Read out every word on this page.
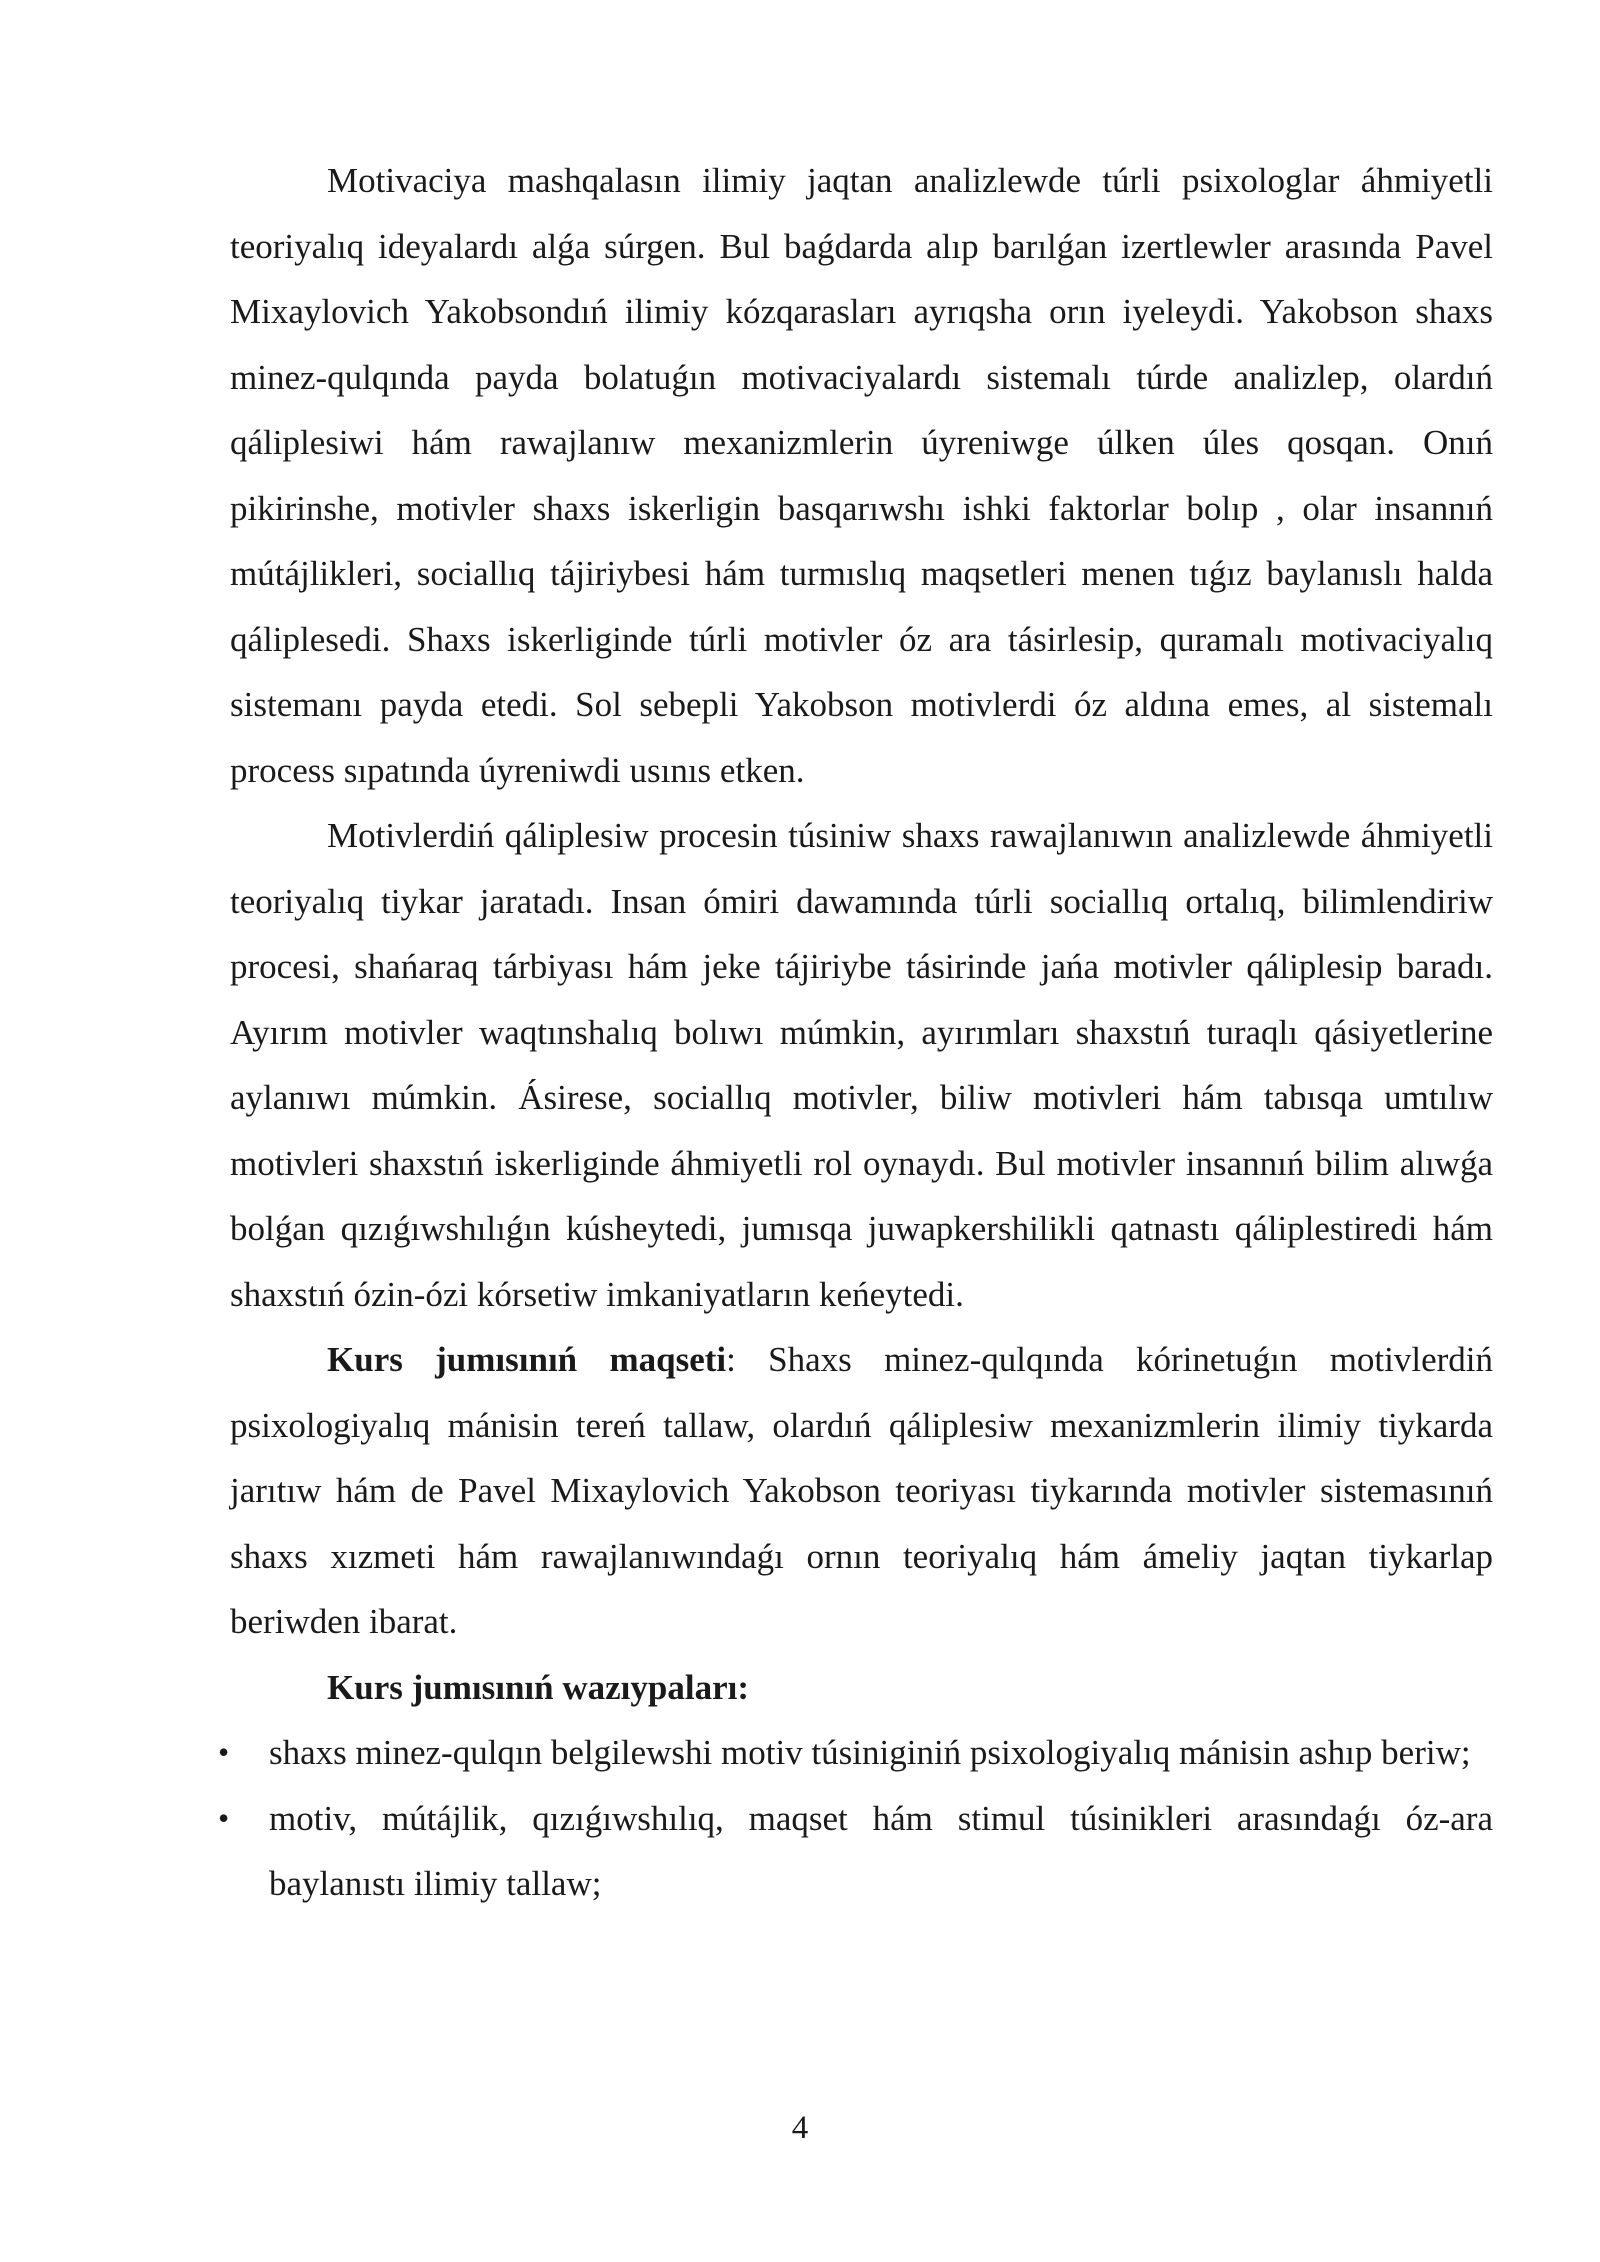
Motivaciya mashqalasın ilimiy jaqtan analizlewde túrli psixologlar áhmiyetli teoriyalıq ideyalardı alǵa súrgen. Bul baǵdarda alıp barılǵan izertlewler arasında Pavel Mixaylovich Yakobsondıń ilimiy kózqarasları ayrıqsha orın iyeleydi. Yakobson shaxs minez-qulqında payda bolatuǵın motivaciyalardı sistemalı túrde analizlep, olardıń qáliplesiwi hám rawajlanıw mexanizmlerin úyreniwge úlken úles qosqan. Onıń pikirinshe, motivler shaxs iskerligin basqarıwshı ishki faktorlar bolıp , olar insannıń mútájlikleri, sociallıq tájiriybesi hám turmıslıq maqsetleri menen tıǵız baylanıslı halda qáliplesedi. Shaxs iskerliginde túrli motivler óz ara tásirlesip, quramalı motivaciyalıq sistemanı payda etedi. Sol sebepli Yakobson motivlerdi óz aldına emes, al sistemalı process sıpatında úyreniwdi usınıs etken.

Motivlerdiń qáliplesiw procesin túsiniw shaxs rawajlanıwın analizlewde áhmiyetli teoriyalıq tiykar jaratadı. Insan ómiri dawamında túrli sociallıq ortalıq, bilimlendiriw procesi, shańaraq tárbiyası hám jeke tájiriybe tásirinde jańa motivler qáliplesip baradı. Ayırım motivler waqtınshalıq bolıwı múmkin, ayırımları shaxstıń turaqlı qásiyetlerine aylanıwı múmkin. Ásirese, sociallıq motivler, biliw motivleri hám tabısqa umtılıw motivleri shaxstıń iskerliginde áhmiyetli rol oynaydı. Bul motivler insannıń bilim alıwǵa bolǵan qızıǵıwshılıǵın kúsheytedi, jumısqa juwapkershilikli qatnastı qáliplestiredi hám shaxstıń ózin-ózi kórsetiw imkaniyatların keńeytedi.

Kurs jumısınıń maqseti: Shaxs minez-qulqında kórinetuǵın motivlerdiń psixologiyalıq mánisin tereń tallaw, olardıń qáliplesiw mexanizmlerin ilimiy tiykarda jarıtıw hám de Pavel Mixaylovich Yakobson teoriyası tiykarında motivler sistemasınıń shaxs xızmeti hám rawajlanıwındaǵı ornın teoriyalıq hám ámeliy jaqtan tiykarlap beriwden ibarat.

Kurs jumısınıń wazıypaları:

• shaxs minez-qulqın belgilewshi motiv túsiniginiń psixologiyalıq mánisin ashıp beriw;
• motiv, mútájlik, qızıǵıwshılıq, maqset hám stimul túsinikleri arasındaǵı óz-ara baylanıstı ilimiy tallaw;
4
